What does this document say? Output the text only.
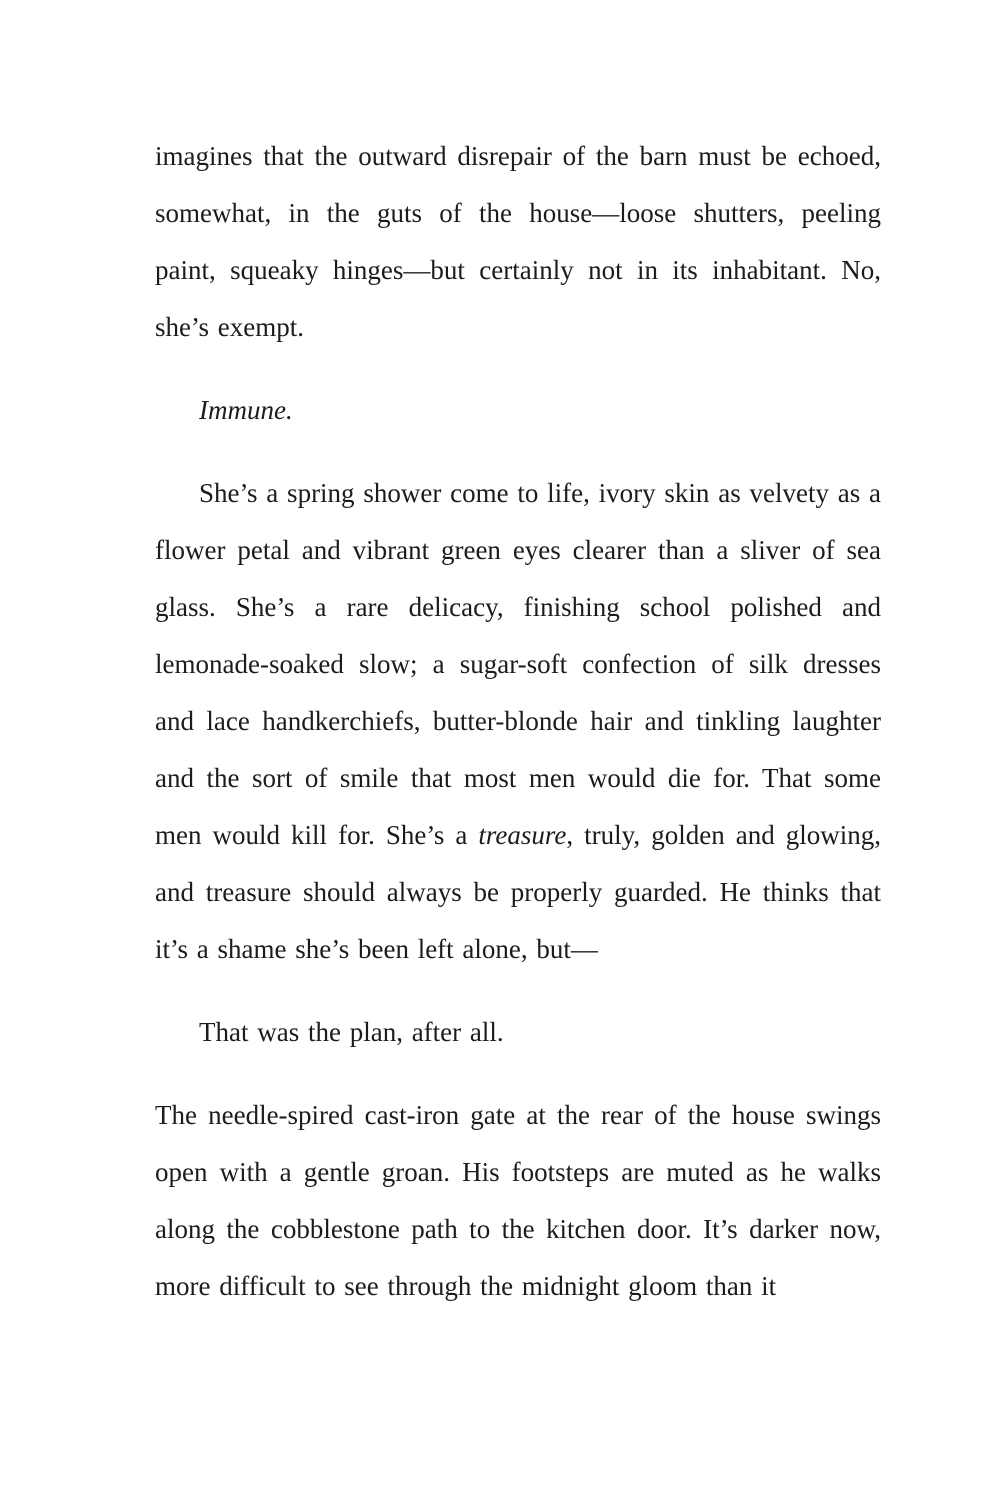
imagines that the outward disrepair of the barn must be echoed, somewhat, in the guts of the house—loose shutters, peeling paint, squeaky hinges—but certainly not in its inhabitant. No, she’s exempt.

Immune.

She’s a spring shower come to life, ivory skin as velvety as a flower petal and vibrant green eyes clearer than a sliver of sea glass. She’s a rare delicacy, finishing school polished and lemonade-soaked slow; a sugar-soft confection of silk dresses and lace handkerchiefs, butter-blonde hair and tinkling laughter and the sort of smile that most men would die for. That some men would kill for. She’s a treasure, truly, golden and glowing, and treasure should always be properly guarded. He thinks that it’s a shame she’s been left alone, but—

That was the plan, after all.

The needle-spired cast-iron gate at the rear of the house swings open with a gentle groan. His footsteps are muted as he walks along the cobblestone path to the kitchen door. It’s darker now, more difficult to see through the midnight gloom than it
